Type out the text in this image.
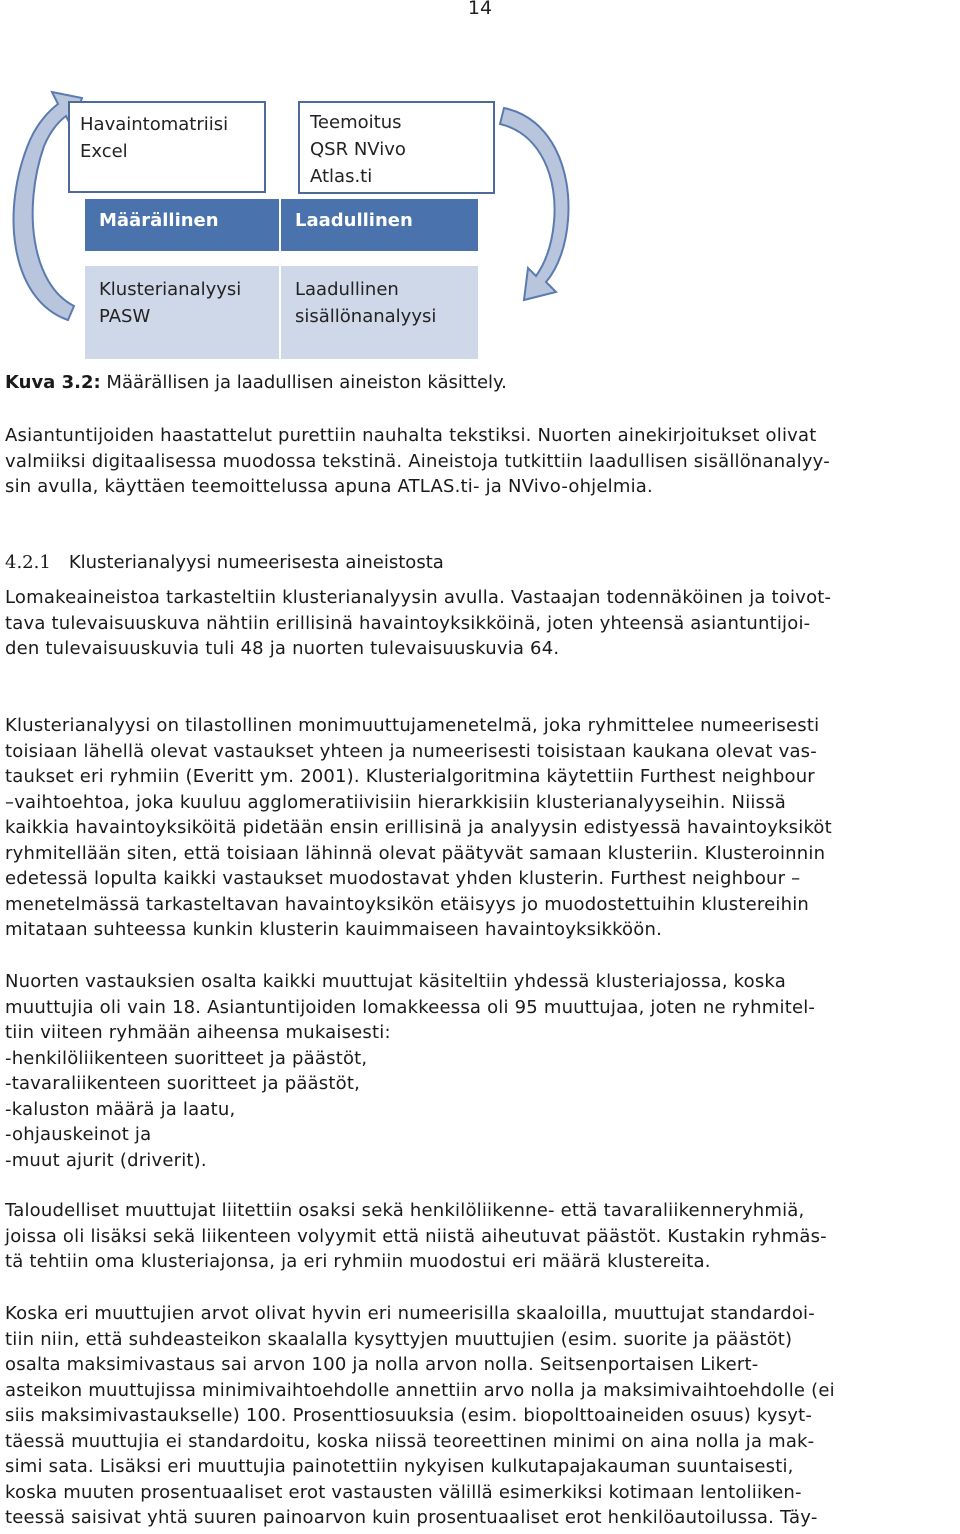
14
Havaintomatriisi
Excel
Teemoitus
QSR NVivo
Atlas.ti
Määrällinen	Laadullinen
Klusterianalyysi
PASW
Laadullinen
sisällönanalyysi
Kuva 3.2: Määrällisen ja laadullisen aineiston käsittely.
Asiantuntijoiden haastattelut purettiin nauhalta tekstiksi. Nuorten ainekirjoitukset olivat
valmiiksi digitaalisessa muodossa tekstinä. Aineistoja tutkittiin laadullisen sisällönanalyy-
sin avulla, käyttäen teemoittelussa apuna ATLAS.ti- ja NVivo-ohjelmia.
4.2.1 Klusterianalyysi numeerisesta aineistosta
Lomakeaineistoa tarkasteltiin klusterianalyysin avulla. Vastaajan todennäköinen ja toivot-
tava tulevaisuuskuva nähtiin erillisinä havaintoyksikköinä, joten yhteensä asiantuntijoi-
den tulevaisuuskuvia tuli 48 ja nuorten tulevaisuuskuvia 64.
Klusterianalyysi on tilastollinen monimuuttujamenetelmä, joka ryhmittelee numeerisesti
toisiaan lähellä olevat vastaukset yhteen ja numeerisesti toisistaan kaukana olevat vas-
taukset eri ryhmiin (Everitt ym. 2001). Klusterialgoritmina käytettiin Furthest neighbour
–vaihtoehtoa, joka kuuluu agglomeratiivisiin hierarkkisiin klusterianalyyseihin. Niissä
kaikkia havaintoyksiköitä pidetään ensin erillisinä ja analyysin edistyessä havaintoyksiköt
ryhmitellään siten, että toisiaan lähinnä olevat päätyvät samaan klusteriin. Klusteroinnin
edetessä lopulta kaikki vastaukset muodostavat yhden klusterin. Furthest neighbour –
menetelmässä tarkasteltavan havaintoyksikön etäisyys jo muodostettuihin klustereihin
mitataan suhteessa kunkin klusterin kauimmaiseen havaintoyksikköön.
Nuorten vastauksien osalta kaikki muuttujat käsiteltiin yhdessä klusteriajossa, koska
muuttujia oli vain 18. Asiantuntijoiden lomakkeessa oli 95 muuttujaa, joten ne ryhmitel-
tiin viiteen ryhmään aiheensa mukaisesti:
-henkilöliikenteen suoritteet ja päästöt,
-tavaraliikenteen suoritteet ja päästöt,
-kaluston määrä ja laatu,
-ohjauskeinot ja
-muut ajurit (driverit).
Taloudelliset muuttujat liitettiin osaksi sekä henkilöliikenne- että tavaraliikenneryhmiä,
joissa oli lisäksi sekä liikenteen volyymit että niistä aiheutuvat päästöt. Kustakin ryhmäs-
tä tehtiin oma klusteriajonsa, ja eri ryhmiin muodostui eri määrä klustereita.
Koska eri muuttujien arvot olivat hyvin eri numeerisilla skaaloilla, muuttujat standardoi-
tiin niin, että suhdeasteikon skaalalla kysyttyjen muuttujien (esim. suorite ja päästöt)
osalta maksimivastaus sai arvon 100 ja nolla arvon nolla. Seitsenportaisen Likert-
asteikon muuttujissa minimivaihtoehdolle annettiin arvo nolla ja maksimivaihtoehdolle (ei
siis maksimivastaukselle) 100. Prosenttiosuuksia (esim. biopolttoaineiden osuus) kysyt-
täessä muuttujia ei standardoitu, koska niissä teoreettinen minimi on aina nolla ja mak-
simi sata. Lisäksi eri muuttujia painotettiin nykyisen kulkutapajakauman suuntaisesti,
koska muuten prosentuaaliset erot vastausten välillä esimerkiksi kotimaan lentoliiken-
teessä saisivat yhtä suuren painoarvon kuin prosentuaaliset erot henkilöautoilussa. Täy-
